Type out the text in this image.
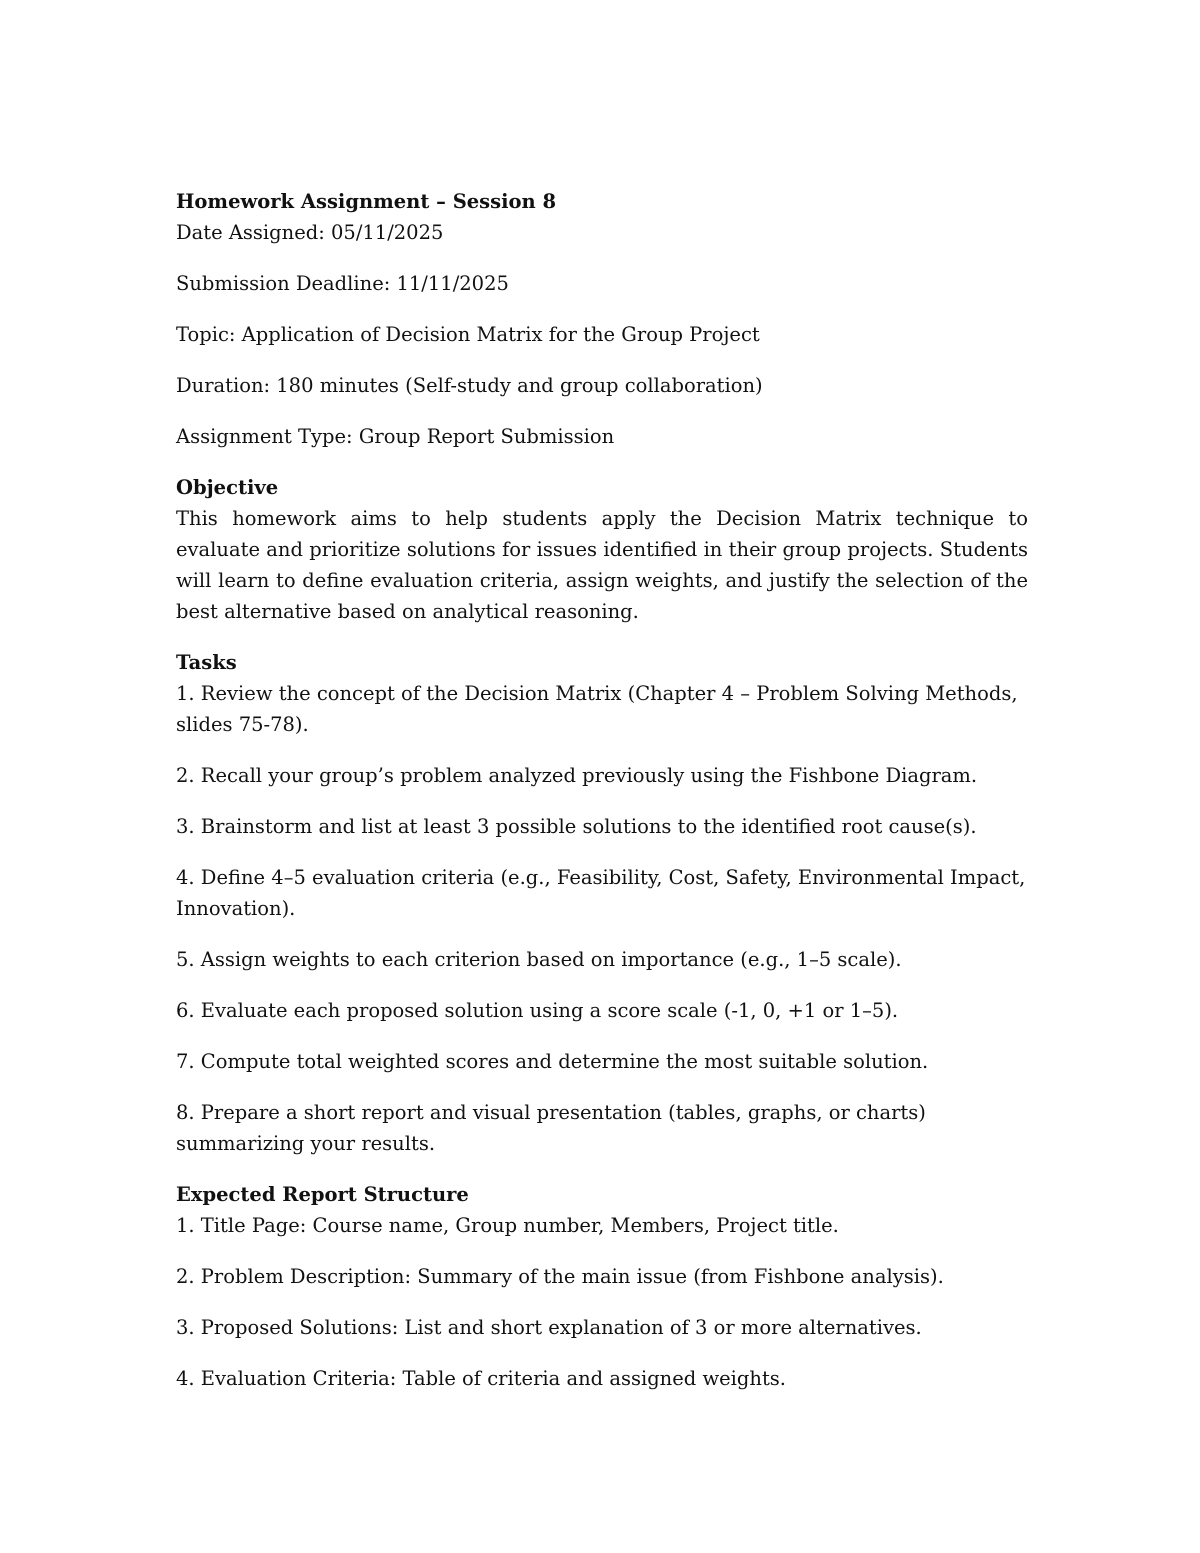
Homework Assignment – Session 8

Date Assigned: 05/11/2025

Submission Deadline: 11/11/2025

Topic: Application of Decision Matrix for the Group Project

Duration: 180 minutes (Self-study and group collaboration)

Assignment Type: Group Report Submission

Objective

This homework aims to help students apply the Decision Matrix technique to evaluate and prioritize solutions for issues identified in their group projects. Students will learn to define evaluation criteria, assign weights, and justify the selection of the best alternative based on analytical reasoning.

Tasks

1. Review the concept of the Decision Matrix (Chapter 4 – Problem Solving Methods, slides 75-78).

2. Recall your group’s problem analyzed previously using the Fishbone Diagram.

3. Brainstorm and list at least 3 possible solutions to the identified root cause(s).

4. Define 4–5 evaluation criteria (e.g., Feasibility, Cost, Safety, Environmental Impact, Innovation).

5. Assign weights to each criterion based on importance (e.g., 1–5 scale).

6. Evaluate each proposed solution using a score scale (-1, 0, +1 or 1–5).

7. Compute total weighted scores and determine the most suitable solution.

8. Prepare a short report and visual presentation (tables, graphs, or charts) summarizing your results.

Expected Report Structure

1. Title Page: Course name, Group number, Members, Project title.

2. Problem Description: Summary of the main issue (from Fishbone analysis).

3. Proposed Solutions: List and short explanation of 3 or more alternatives.

4. Evaluation Criteria: Table of criteria and assigned weights.
